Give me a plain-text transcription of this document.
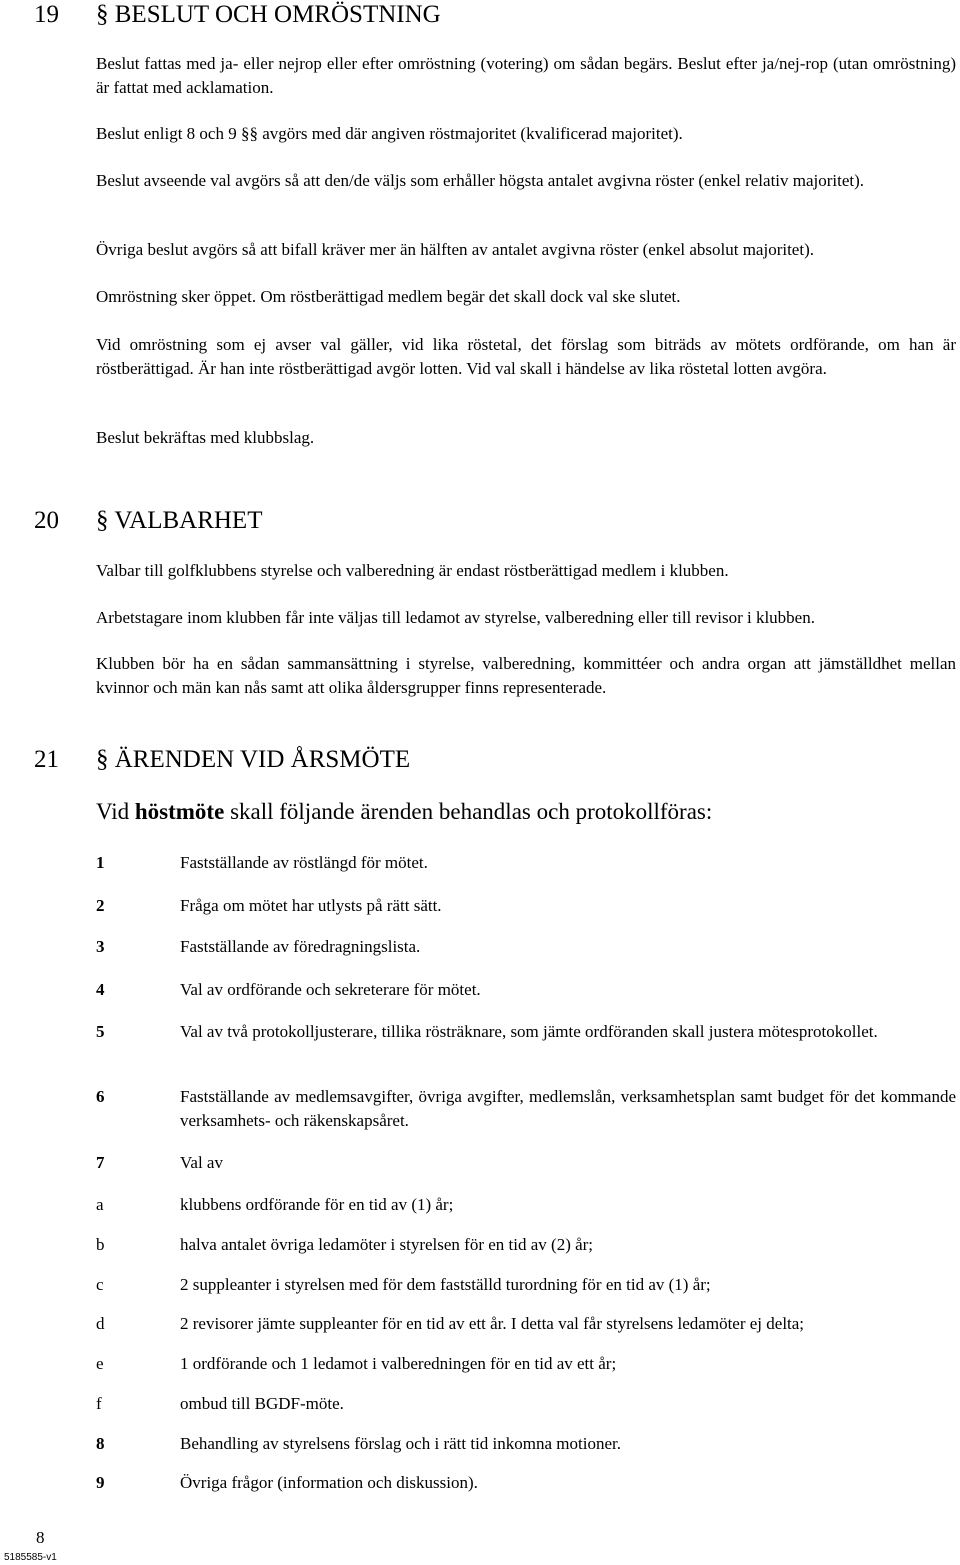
19 § BESLUT OCH OMRÖSTNING
Beslut fattas med ja- eller nejrop eller efter omröstning (votering) om sådan begärs. Beslut efter ja/nej-rop (utan omröstning) är fattat med acklamation.
Beslut enligt 8 och 9 §§ avgörs med där angiven röstmajoritet (kvalificerad majoritet).
Beslut avseende val avgörs så att den/de väljs som erhåller högsta antalet avgivna röster (enkel relativ majoritet).
Övriga beslut avgörs så att bifall kräver mer än hälften av antalet avgivna röster (enkel absolut majoritet).
Omröstning sker öppet. Om röstberättigad medlem begär det skall dock val ske slutet.
Vid omröstning som ej avser val gäller, vid lika röstetal, det förslag som biträds av mötets ordförande, om han är röstberättigad. Är han inte röstberättigad avgör lotten. Vid val skall i händelse av lika röstetal lotten avgöra.
Beslut bekräftas med klubbslag.
20 § VALBARHET
Valbar till golfklubbens styrelse och valberedning är endast röstberättigad medlem i klubben.
Arbetstagare inom klubben får inte väljas till ledamot av styrelse, valberedning eller till revisor i klubben.
Klubben bör ha en sådan sammansättning i styrelse, valberedning, kommittéer och andra organ att jämställdhet mellan kvinnor och män kan nås samt att olika åldersgrupper finns representerade.
21 § ÄRENDEN VID ÅRSMÖTE
Vid höstmöte skall följande ärenden behandlas och protokollföras:
1	Fastställande av röstlängd för mötet.
2	Fråga om mötet har utlysts på rätt sätt.
3	Fastställande av föredragningslista.
4	Val av ordförande och sekreterare för mötet.
5	Val av två protokolljusterare, tillika rösträknare, som jämte ordföranden skall justera mötesprotokollet.
6	Fastställande av medlemsavgifter, övriga avgifter, medlemslån, verksamhetsplan samt budget för det kommande verksamhets- och räkenskapsåret.
7	Val av
a	klubbens ordförande för en tid av (1) år;
b	halva antalet övriga ledamöter i styrelsen för en tid av (2) år;
c	2 suppleanter i styrelsen med för dem fastställd turordning för en tid av (1) år;
d	2 revisorer jämte suppleanter för en tid av ett år. I detta val får styrelsens ledamöter ej delta;
e	1 ordförande och 1 ledamot i valberedningen för en tid av ett år;
f	ombud till BGDF-möte.
8	Behandling av styrelsens förslag och i rätt tid inkomna motioner.
9	Övriga frågor (information och diskussion).
8
5185585-v1
